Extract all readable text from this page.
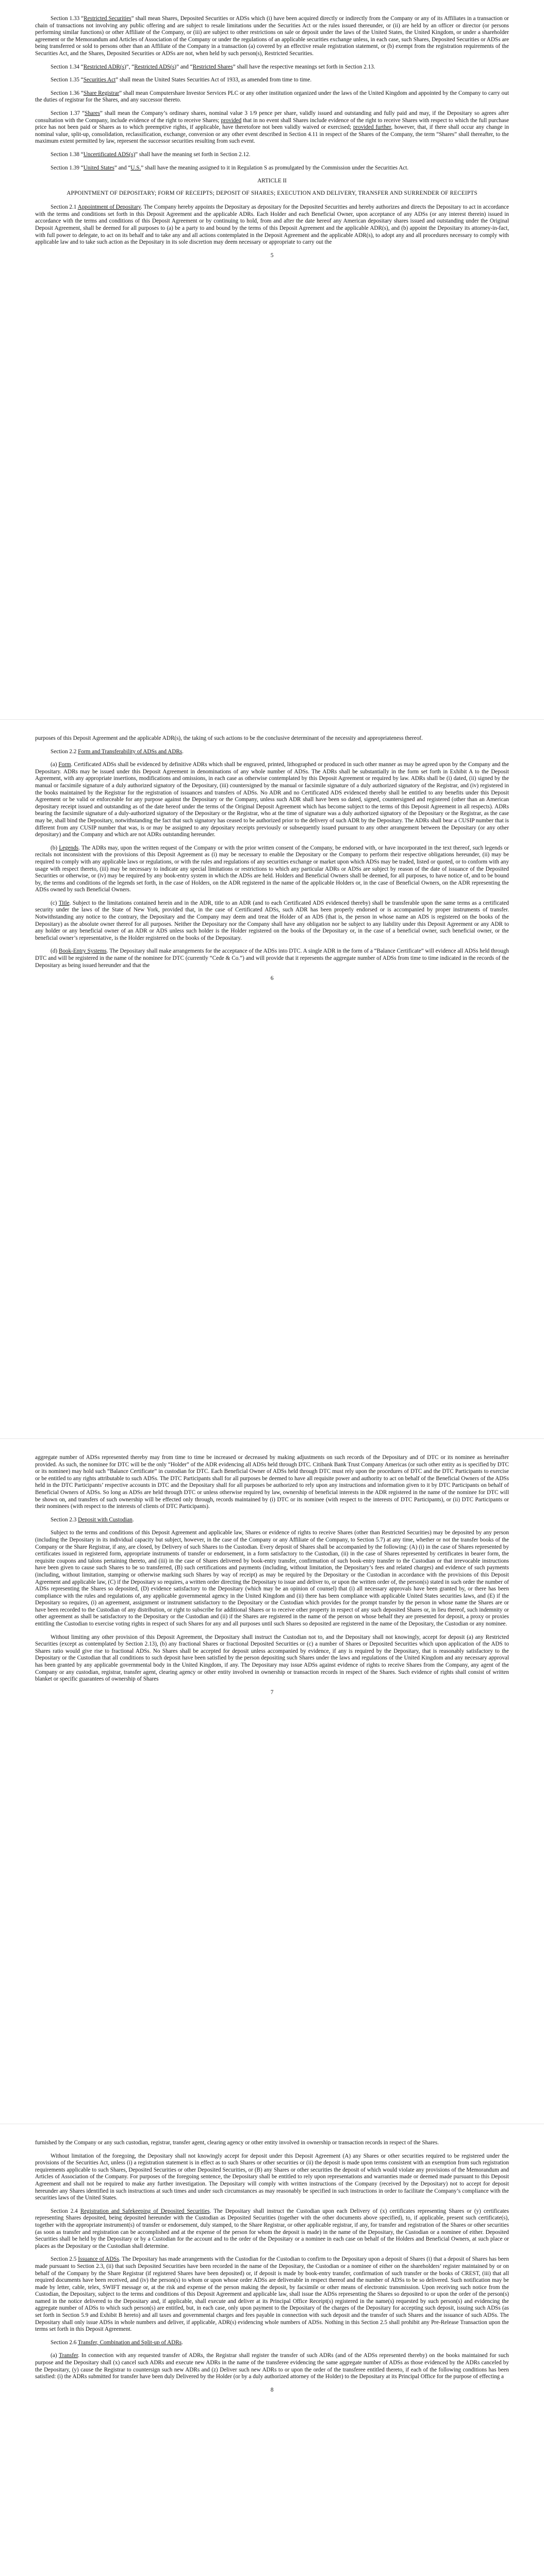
Section 1.33 “Restricted Securities” shall mean Shares, Deposited Securities or ADSs which (i) have been acquired directly or indirectly from the Company or any of its Affiliates in a transaction or chain of transactions not involving any public offering and are subject to resale limitations under the Securities Act or the rules issued thereunder, or (ii) are held by an officer or director (or persons performing similar functions) or other Affiliate of the Company, or (iii) are subject to other restrictions on sale or deposit under the laws of the United States, the United Kingdom, or under a shareholder agreement or the Memorandum and Articles of Association of the Company or under the regulations of an applicable securities exchange unless, in each case, such Shares, Deposited Securities or ADSs are being transferred or sold to persons other than an Affiliate of the Company in a transaction (a) covered by an effective resale registration statement, or (b) exempt from the registration requirements of the Securities Act, and the Shares, Deposited Securities or ADSs are not, when held by such person(s), Restricted Securities.

Section 1.34 “Restricted ADR(s)”, “Restricted ADS(s)” and “Restricted Shares” shall have the respective meanings set forth in Section 2.13.

Section 1.35 “Securities Act” shall mean the United States Securities Act of 1933, as amended from time to time.

Section 1.36 “Share Registrar” shall mean Computershare Investor Services PLC or any other institution organized under the laws of the United Kingdom and appointed by the Company to carry out the duties of registrar for the Shares, and any successor thereto.

Section 1.37 “Shares” shall mean the Company’s ordinary shares, nominal value 3 1/9 pence per share, validly issued and outstanding and fully paid and may, if the Depositary so agrees after consultation with the Company, include evidence of the right to receive Shares; provided that in no event shall Shares include evidence of the right to receive Shares with respect to which the full purchase price has not been paid or Shares as to which preemptive rights, if applicable, have theretofore not been validly waived or exercised; provided further, however, that, if there shall occur any change in nominal value, split-up, consolidation, reclassification, exchange, conversion or any other event described in Section 4.11 in respect of the Shares of the Company, the term “Shares” shall thereafter, to the maximum extent permitted by law, represent the successor securities resulting from such event.

Section 1.38 “Uncertificated ADS(s)” shall have the meaning set forth in Section 2.12.

Section 1.39 “United States” and “U.S.” shall have the meaning assigned to it in Regulation S as promulgated by the Commission under the Securities Act.

ARTICLE II
APPOINTMENT OF DEPOSITARY; FORM OF RECEIPTS; DEPOSIT OF SHARES; EXECUTION AND DELIVERY, TRANSFER AND SURRENDER OF RECEIPTS

Section 2.1 Appointment of Depositary. The Company hereby appoints the Depositary as depositary for the Deposited Securities and hereby authorizes and directs the Depositary to act in accordance with the terms and conditions set forth in this Deposit Agreement and the applicable ADRs. Each Holder and each Beneficial Owner, upon acceptance of any ADSs (or any interest therein) issued in accordance with the terms and conditions of this Deposit Agreement or by continuing to hold, from and after the date hereof any American depositary shares issued and outstanding under the Original Deposit Agreement, shall be deemed for all purposes to (a) be a party to and bound by the terms of this Deposit Agreement and the applicable ADR(s), and (b) appoint the Depositary its attorney-in-fact, with full power to delegate, to act on its behalf and to take any and all actions contemplated in the Deposit Agreement and the applicable ADR(s), to adopt any and all procedures necessary to comply with applicable law and to take such action as the Depositary in its sole discretion may deem necessary or appropriate to carry out the

5

purposes of this Deposit Agreement and the applicable ADR(s), the taking of such actions to be the conclusive determinant of the necessity and appropriateness thereof.

Section 2.2 Form and Transferability of ADSs and ADRs.

(a) Form. Certificated ADSs shall be evidenced by definitive ADRs which shall be engraved, printed, lithographed or produced in such other manner as may be agreed upon by the Company and the Depositary. ADRs may be issued under this Deposit Agreement in denominations of any whole number of ADSs. The ADRs shall be substantially in the form set forth in Exhibit A to the Deposit Agreement, with any appropriate insertions, modifications and omissions, in each case as otherwise contemplated by this Deposit Agreement or required by law. ADRs shall be (i) dated, (ii) signed by the manual or facsimile signature of a duly authorized signatory of the Depositary, (iii) countersigned by the manual or facsimile signature of a duly authorized signatory of the Registrar, and (iv) registered in the books maintained by the Registrar for the registration of issuances and transfers of ADSs. No ADR and no Certificated ADS evidenced thereby shall be entitled to any benefits under this Deposit Agreement or be valid or enforceable for any purpose against the Depositary or the Company, unless such ADR shall have been so dated, signed, countersigned and registered (other than an American depositary receipt issued and outstanding as of the date hereof under the terms of the Original Deposit Agreement which has become subject to the terms of this Deposit Agreement in all respects). ADRs bearing the facsimile signature of a duly-authorized signatory of the Depositary or the Registrar, who at the time of signature was a duly authorized signatory of the Depositary or the Registrar, as the case may be, shall bind the Depositary, notwithstanding the fact that such signatory has ceased to be authorized prior to the delivery of such ADR by the Depositary. The ADRs shall bear a CUSIP number that is different from any CUSIP number that was, is or may be assigned to any depositary receipts previously or subsequently issued pursuant to any other arrangement between the Depositary (or any other depositary) and the Company and which are not ADRs outstanding hereunder.

(b) Legends. The ADRs may, upon the written request of the Company or with the prior written consent of the Company, be endorsed with, or have incorporated in the text thereof, such legends or recitals not inconsistent with the provisions of this Deposit Agreement as (i) may be necessary to enable the Depositary or the Company to perform their respective obligations hereunder, (ii) may be required to comply with any applicable laws or regulations, or with the rules and regulations of any securities exchange or market upon which ADSs may be traded, listed or quoted, or to conform with any usage with respect thereto, (iii) may be necessary to indicate any special limitations or restrictions to which any particular ADRs or ADSs are subject by reason of the date of issuance of the Deposited Securities or otherwise, or (iv) may be required by any book-entry system in which the ADSs are held. Holders and Beneficial Owners shall be deemed, for all purposes, to have notice of, and to be bound by, the terms and conditions of the legends set forth, in the case of Holders, on the ADR registered in the name of the applicable Holders or, in the case of Beneficial Owners, on the ADR representing the ADSs owned by such Beneficial Owners.

(c) Title. Subject to the limitations contained herein and in the ADR, title to an ADR (and to each Certificated ADS evidenced thereby) shall be transferable upon the same terms as a certificated security under the laws of the State of New York, provided that, in the case of Certificated ADSs, such ADR has been properly endorsed or is accompanied by proper instruments of transfer. Notwithstanding any notice to the contrary, the Depositary and the Company may deem and treat the Holder of an ADS (that is, the person in whose name an ADS is registered on the books of the Depositary) as the absolute owner thereof for all purposes. Neither the Depositary nor the Company shall have any obligation nor be subject to any liability under this Deposit Agreement or any ADR to any holder or any beneficial owner of an ADR or ADS unless such holder is the Holder registered on the books of the Depositary or, in the case of a beneficial owner, such beneficial owner, or the beneficial owner’s representative, is the Holder registered on the books of the Depositary.

(d) Book-Entry Systems. The Depositary shall make arrangements for the acceptance of the ADSs into DTC. A single ADR in the form of a “Balance Certificate” will evidence all ADSs held through DTC and will be registered in the name of the nominee for DTC (currently “Cede & Co.”) and will provide that it represents the aggregate number of ADSs from time to time indicated in the records of the Depositary as being issued hereunder and that the

6

aggregate number of ADSs represented thereby may from time to time be increased or decreased by making adjustments on such records of the Depositary and of DTC or its nominee as hereinafter provided. As such, the nominee for DTC will be the only “Holder” of the ADR evidencing all ADSs held through DTC. Citibank Bank Trust Company Americas (or such other entity as is specified by DTC or its nominee) may hold such “Balance Certificate” in custodian for DTC. Each Beneficial Owner of ADSs held through DTC must rely upon the procedures of DTC and the DTC Participants to exercise or be entitled to any rights attributable to such ADSs. The DTC Participants shall for all purposes be deemed to have all requisite power and authority to act on behalf of the Beneficial Owners of the ADSs held in the DTC Participants’ respective accounts in DTC and the Depositary shall for all purposes be authorized to rely upon any instructions and information given to it by DTC Participants on behalf of Beneficial Owners of ADSs. So long as ADSs are held through DTC or unless otherwise required by law, ownership of beneficial interests in the ADR registered in the name of the nominee for DTC will be shown on, and transfers of such ownership will be effected only through, records maintained by (i) DTC or its nominee (with respect to the interests of DTC Participants), or (ii) DTC Participants or their nominees (with respect to the interests of clients of DTC Participants).

Section 2.3 Deposit with Custodian.

Subject to the terms and conditions of this Deposit Agreement and applicable law, Shares or evidence of rights to receive Shares (other than Restricted Securities) may be deposited by any person (including the Depositary in its individual capacity but subject, however, in the case of the Company or any Affiliate of the Company, to Section 5.7) at any time, whether or not the transfer books of the Company or the Share Registrar, if any, are closed, by Delivery of such Shares to the Custodian. Every deposit of Shares shall be accompanied by the following: (A) (i) in the case of Shares represented by certificates issued in registered form, appropriate instruments of transfer or endorsement, in a form satisfactory to the Custodian, (ii) in the case of Shares represented by certificates in bearer form, the requisite coupons and talons pertaining thereto, and (iii) in the case of Shares delivered by book-entry transfer, confirmation of such book-entry transfer to the Custodian or that irrevocable instructions have been given to cause such Shares to be so transferred, (B) such certifications and payments (including, without limitation, the Depositary’s fees and related charges) and evidence of such payments (including, without limitation, stamping or otherwise marking such Shares by way of receipt) as may be required by the Depositary or the Custodian in accordance with the provisions of this Deposit Agreement and applicable law, (C) if the Depositary so requires, a written order directing the Depositary to issue and deliver to, or upon the written order of, the person(s) stated in such order the number of ADSs representing the Shares so deposited, (D) evidence satisfactory to the Depositary (which may be an opinion of counsel) that (i) all necessary approvals have been granted by, or there has been compliance with the rules and regulations of, any applicable governmental agency in the United Kingdom and (ii) there has been compliance with applicable United States securities laws, and (E) if the Depositary so requires, (i) an agreement, assignment or instrument satisfactory to the Depositary or the Custodian which provides for the prompt transfer by the person in whose name the Shares are or have been recorded to the Custodian of any distribution, or right to subscribe for additional Shares or to receive other property in respect of any such deposited Shares or, in lieu thereof, such indemnity or other agreement as shall be satisfactory to the Depositary or the Custodian and (ii) if the Shares are registered in the name of the person on whose behalf they are presented for deposit, a proxy or proxies entitling the Custodian to exercise voting rights in respect of such Shares for any and all purposes until such Shares so deposited are registered in the name of the Depositary, the Custodian or any nominee.

Without limiting any other provision of this Deposit Agreement, the Depositary shall instruct the Custodian not to, and the Depositary shall not knowingly, accept for deposit (a) any Restricted Securities (except as contemplated by Section 2.13), (b) any fractional Shares or fractional Deposited Securities or (c) a number of Shares or Deposited Securities which upon application of the ADS to Shares ratio would give rise to fractional ADSs. No Shares shall be accepted for deposit unless accompanied by evidence, if any is required by the Depositary, that is reasonably satisfactory to the Depositary or the Custodian that all conditions to such deposit have been satisfied by the person depositing such Shares under the laws and regulations of the United Kingdom and any necessary approval has been granted by any applicable governmental body in the United Kingdom, if any. The Depositary may issue ADSs against evidence of rights to receive Shares from the Company, any agent of the Company or any custodian, registrar, transfer agent, clearing agency or other entity involved in ownership or transaction records in respect of the Shares. Such evidence of rights shall consist of written blanket or specific guarantees of ownership of Shares

7

furnished by the Company or any such custodian, registrar, transfer agent, clearing agency or other entity involved in ownership or transaction records in respect of the Shares.

Without limitation of the foregoing, the Depositary shall not knowingly accept for deposit under this Deposit Agreement (A) any Shares or other securities required to be registered under the provisions of the Securities Act, unless (i) a registration statement is in effect as to such Shares or other securities or (ii) the deposit is made upon terms consistent with an exemption from such registration requirements applicable to such Shares, Deposited Securities or other Deposited Securities, or (B) any Shares or other securities the deposit of which would violate any provisions of the Memorandum and Articles of Association of the Company. For purposes of the foregoing sentence, the Depositary shall be entitled to rely upon representations and warranties made or deemed made pursuant to this Deposit Agreement and shall not be required to make any further investigation. The Depositary will comply with written instructions of the Company (received by the Depositary) not to accept for deposit hereunder any Shares identified in such instructions at such times and under such circumstances as may reasonably be specified in such instructions in order to facilitate the Company’s compliance with the securities laws of the United States.

Section 2.4 Registration and Safekeeping of Deposited Securities. The Depositary shall instruct the Custodian upon each Delivery of (x) certificates representing Shares or (y) certificates representing Shares deposited, being deposited hereunder with the Custodian as Deposited Securities (together with the other documents above specified), to, if applicable, present such certificate(s), together with the appropriate instrument(s) of transfer or endorsement, duly stamped, to the Share Registrar, or other applicable registrar, if any, for transfer and registration of the Shares or other securities (as soon as transfer and registration can be accomplished and at the expense of the person for whom the deposit is made) in the name of the Depositary, the Custodian or a nominee of either. Deposited Securities shall be held by the Depositary or by a Custodian for the account and to the order of the Depositary or a nominee in each case on behalf of the Holders and Beneficial Owners, at such place or places as the Depositary or the Custodian shall determine.

Section 2.5 Issuance of ADSs. The Depositary has made arrangements with the Custodian for the Custodian to confirm to the Depositary upon a deposit of Shares (i) that a deposit of Shares has been made pursuant to Section 2.3, (ii) that such Deposited Securities have been recorded in the name of the Depositary, the Custodian or a nominee of either on the shareholders’ register maintained by or on behalf of the Company by the Share Registrar (if registered Shares have been deposited) or, if deposit is made by book-entry transfer, confirmation of such transfer or the books of CREST, (iii) that all required documents have been received, and (iv) the person(s) to whom or upon whose order ADSs are deliverable in respect thereof and the number of ADSs to be so delivered. Such notification may be made by letter, cable, telex, SWIFT message or, at the risk and expense of the person making the deposit, by facsimile or other means of electronic transmission. Upon receiving such notice from the Custodian, the Depositary, subject to the terms and conditions of this Deposit Agreement and applicable law, shall issue the ADSs representing the Shares so deposited to or upon the order of the person(s) named in the notice delivered to the Depositary and, if applicable, shall execute and deliver at its Principal Office Receipt(s) registered in the name(s) requested by such person(s) and evidencing the aggregate number of ADSs to which such person(s) are entitled, but, in each case, only upon payment to the Depositary of the charges of the Depositary for accepting such deposit, issuing such ADSs (as set forth in Section 5.9 and Exhibit B hereto) and all taxes and governmental charges and fees payable in connection with such deposit and the transfer of such Shares and the issuance of such ADSs. The Depositary shall only issue ADSs in whole numbers and deliver, if applicable, ADR(s) evidencing whole numbers of ADSs. Nothing in this Section 2.5 shall prohibit any Pre-Release Transaction upon the terms set forth in this Deposit Agreement.

Section 2.6 Transfer, Combination and Split-up of ADRs.

(a) Transfer. In connection with any requested transfer of ADRs, the Registrar shall register the transfer of such ADRs (and of the ADSs represented thereby) on the books maintained for such purpose and the Depositary shall (x) cancel such ADRs and execute new ADRs in the name of the transferee evidencing the same aggregate number of ADSs as those evidenced by the ADRs canceled by the Depositary, (y) cause the Registrar to countersign such new ADRs and (z) Deliver such new ADRs to or upon the order of the transferee entitled thereto, if each of the following conditions has been satisfied: (i) the ADRs submitted for transfer have been duly Delivered by the Holder (or by a duly authorized attorney of the Holder) to the Depositary at its Principal Office for the purpose of effecting a

8
